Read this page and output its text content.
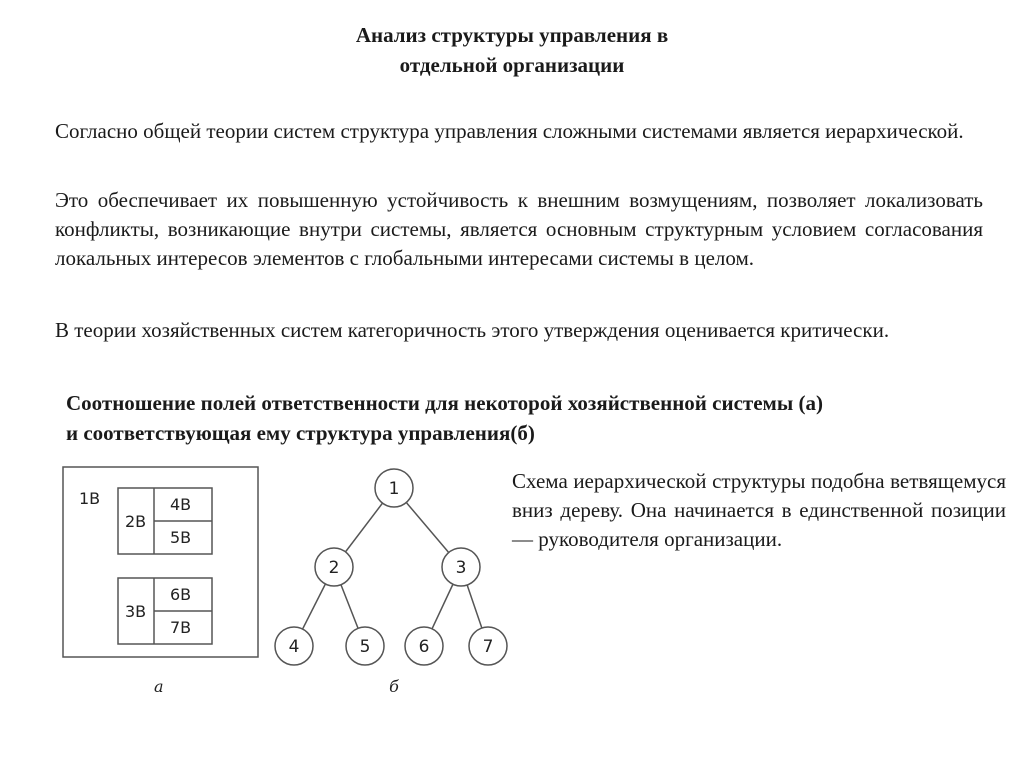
Анализ структуры управления в
отдельной организации

Согласно общей теории систем структура управления сложными системами является иерархической.

Это обеспечивает их повышенную устойчивость к внешним возмущениям, позволяет локализовать конфликты, возникающие внутри системы, является основным структурным условием согласования локальных интересов элементов с глобальными интересами системы в целом.

В теории хозяйственных систем категоричность этого утверждения оценивается критически.

Соотношение полей ответственности для некоторой хозяйственной системы (а)
и соответствующая ему структура управления(б)
1В
2В
4В
5В
3В
6В
7В
а
1
2	3
4	5	6	7
б

Схема иерархической структуры подобна ветвящемуся вниз дереву. Она начинается в единственной позиции — руководителя организации.
